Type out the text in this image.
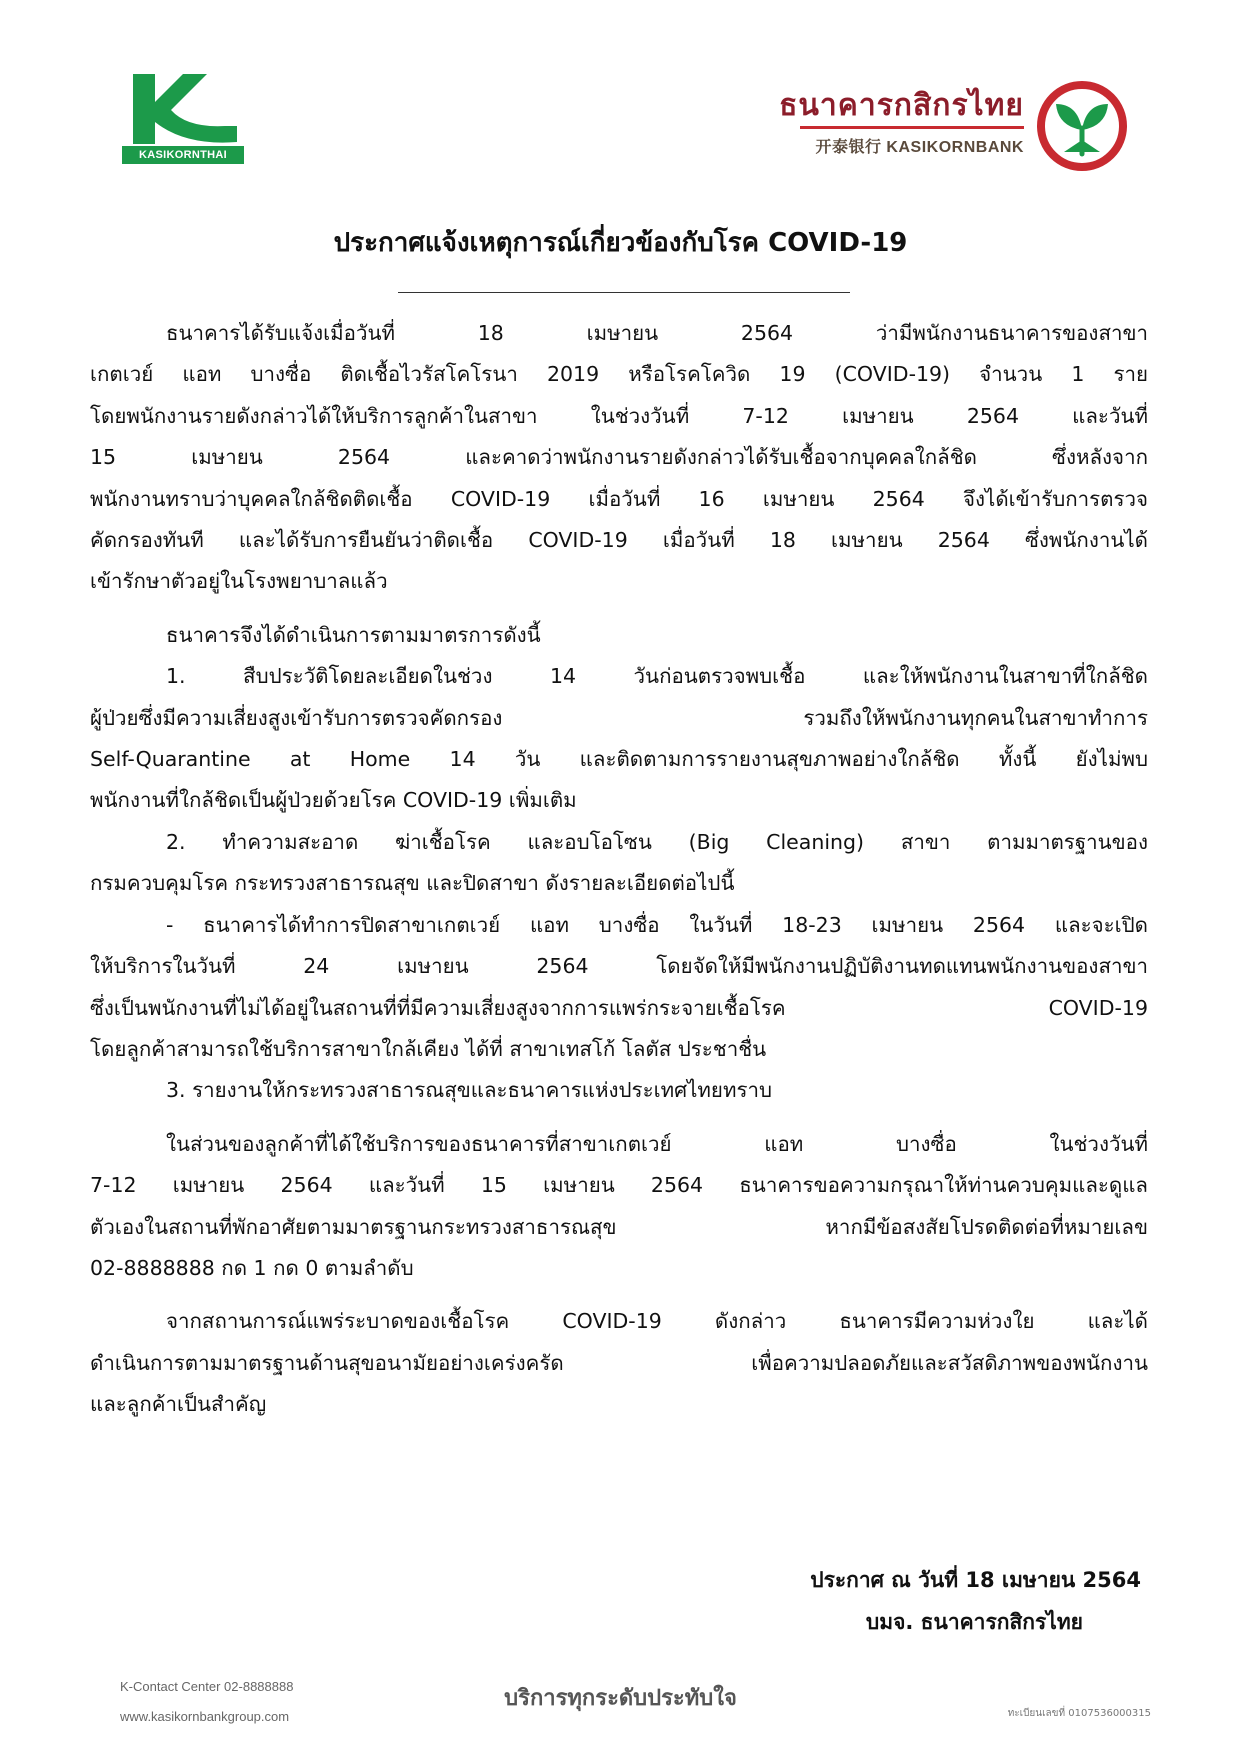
KASIKORNTHAI
ธนาคารกสิกรไทย
开泰银行 KASIKORNBANK
ประกาศแจ้งเหตุการณ์เกี่ยวข้องกับโรค COVID-19

ธนาคารได้รับแจ้งเมื่อวันที่ 18 เมษายน 2564 ว่ามีพนักงานธนาคารของสาขา

เกตเวย์ แอท บางซื่อ ติดเชื้อไวรัสโคโรนา 2019 หรือโรคโควิด 19 (COVID-19) จำนวน 1 ราย

โดยพนักงานรายดังกล่าวได้ให้บริการลูกค้าในสาขา ในช่วงวันที่ 7-12 เมษายน 2564 และวันที่

15 เมษายน 2564 และคาดว่าพนักงานรายดังกล่าวได้รับเชื้อจากบุคคลใกล้ชิด ซึ่งหลังจาก

พนักงานทราบว่าบุคคลใกล้ชิดติดเชื้อ COVID-19 เมื่อวันที่ 16 เมษายน 2564 จึงได้เข้ารับการตรวจ

คัดกรองทันที และได้รับการยืนยันว่าติดเชื้อ COVID-19 เมื่อวันที่ 18 เมษายน 2564 ซึ่งพนักงานได้

เข้ารักษาตัวอยู่ในโรงพยาบาลแล้ว

ธนาคารจึงได้ดำเนินการตามมาตรการดังนี้

1. สืบประวัติโดยละเอียดในช่วง 14 วันก่อนตรวจพบเชื้อ และให้พนักงานในสาขาที่ใกล้ชิด

ผู้ป่วยซึ่งมีความเสี่ยงสูงเข้ารับการตรวจคัดกรอง รวมถึงให้พนักงานทุกคนในสาขาทำการ

Self-Quarantine at Home 14 วัน และติดตามการรายงานสุขภาพอย่างใกล้ชิด ทั้งนี้ ยังไม่พบ

พนักงานที่ใกล้ชิดเป็นผู้ป่วยด้วยโรค COVID-19 เพิ่มเติม

2. ทำความสะอาด ฆ่าเชื้อโรค และอบโอโซน (Big Cleaning) สาขา ตามมาตรฐานของ

กรมควบคุมโรค กระทรวงสาธารณสุข และปิดสาขา ดังรายละเอียดต่อไปนี้

- ธนาคารได้ทำการปิดสาขาเกตเวย์ แอท บางซื่อ ในวันที่ 18-23 เมษายน 2564 และจะเปิด

ให้บริการในวันที่ 24 เมษายน 2564 โดยจัดให้มีพนักงานปฏิบัติงานทดแทนพนักงานของสาขา

ซึ่งเป็นพนักงานที่ไม่ได้อยู่ในสถานที่ที่มีความเสี่ยงสูงจากการแพร่กระจายเชื้อโรค COVID-19

โดยลูกค้าสามารถใช้บริการสาขาใกล้เคียง ได้ที่ สาขาเทสโก้ โลตัส ประชาชื่น

3. รายงานให้กระทรวงสาธารณสุขและธนาคารแห่งประเทศไทยทราบ

ในส่วนของลูกค้าที่ได้ใช้บริการของธนาคารที่สาขาเกตเวย์ แอท บางซื่อ ในช่วงวันที่

7-12 เมษายน 2564 และวันที่ 15 เมษายน 2564 ธนาคารขอความกรุณาให้ท่านควบคุมและดูแล

ตัวเองในสถานที่พักอาศัยตามมาตรฐานกระทรวงสาธารณสุข หากมีข้อสงสัยโปรดติดต่อที่หมายเลข

02-8888888 กด 1 กด 0 ตามลำดับ

จากสถานการณ์แพร่ระบาดของเชื้อโรค COVID-19 ดังกล่าว ธนาคารมีความห่วงใย และได้

ดำเนินการตามมาตรฐานด้านสุขอนามัยอย่างเคร่งครัด เพื่อความปลอดภัยและสวัสดิภาพของพนักงาน

และลูกค้าเป็นสำคัญ

ประกาศ ณ วันที่ 18 เมษายน 2564
บมจ. ธนาคารกสิกรไทย
K-Contact Center 02-8888888
www.kasikornbankgroup.com
บริการทุกระดับประทับใจ
ทะเบียนเลขที่ 0107536000315
